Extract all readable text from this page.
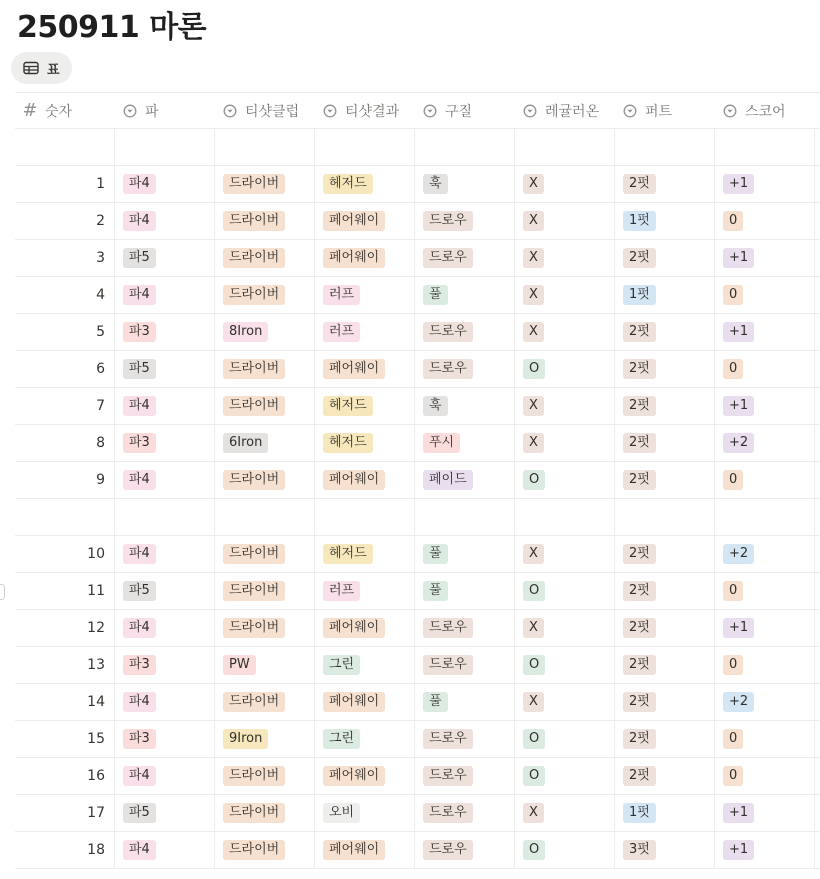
250911 마론
표
# 숫자	파	티샷클럽	티샷결과	구질	레귤러온	퍼트	스코어
1	파4	드라이버	헤저드	훅	X	2펏	+1
2	파4	드라이버	페어웨이	드로우	X	1펏	0
3	파5	드라이버	페어웨이	드로우	X	2펏	+1
4	파4	드라이버	러프	풀	X	1펏	0
5	파3	8Iron	러프	드로우	X	2펏	+1
6	파5	드라이버	페어웨이	드로우	O	2펏	0
7	파4	드라이버	헤저드	훅	X	2펏	+1
8	파3	6Iron	헤저드	푸시	X	2펏	+2
9	파4	드라이버	페어웨이	페이드	O	2펏	0
10	파4	드라이버	헤저드	풀	X	2펏	+2
11	파5	드라이버	러프	풀	O	2펏	0
12	파4	드라이버	페어웨이	드로우	X	2펏	+1
13	파3	PW	그린	드로우	O	2펏	0
14	파4	드라이버	페어웨이	풀	X	2펏	+2
15	파3	9Iron	그린	드로우	O	2펏	0
16	파4	드라이버	페어웨이	드로우	O	2펏	0
17	파5	드라이버	오비	드로우	X	1펏	+1
18	파4	드라이버	페어웨이	드로우	O	3펏	+1
